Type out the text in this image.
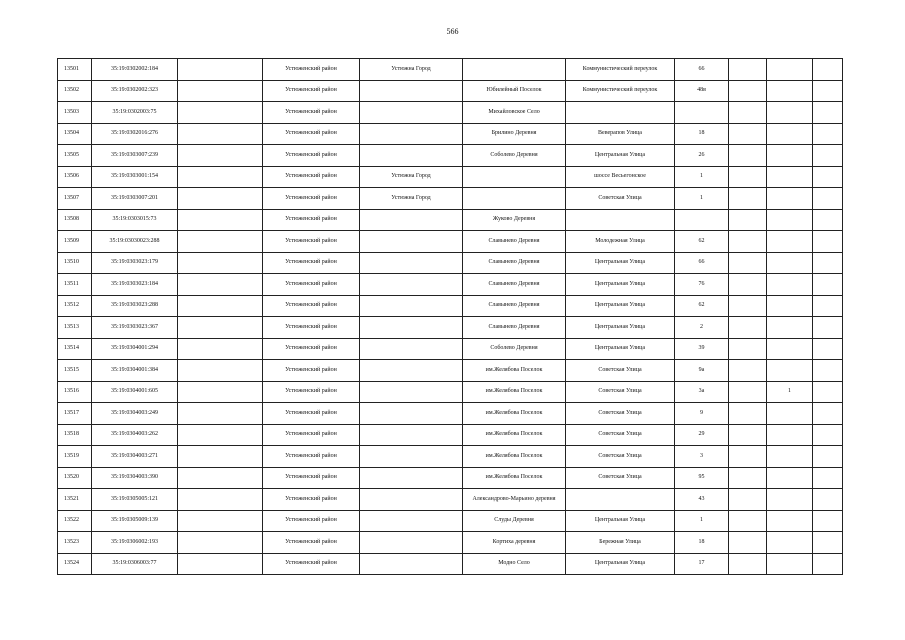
566
13501	35:19:0302002:184		Устюженский район	Устюжна Город		Коммунистический переулок	66			
13502	35:19:0302002:323		Устюженский район		Юбилейный Поселок	Коммунистический переулок	48в			
13503	35:19:0302003:75		Устюженский район		Михайловское Село					
13504	35:19:0302016:276		Устюженский район		Брилино Деревня	Веверапов Улица	18			
13505	35:19:0303007:239		Устюженский район		Соболево Деревня	Центральная Улица	26			
13506	35:19:0303001:154		Устюженский район	Устюжна Город		шоссе Весьегонское	1			
13507	35:19:0303007:201		Устюженский район	Устюжна Город		Советская Улица	1			
13508	35:19:0303015:73		Устюженский район		Жуково Деревня					
13509	35:19:03030023:288		Устюженский район		Славынево Деревня	Молодежная Улица	62			
13510	35:19:0303023:179		Устюженский район		Славынево Деревня	Центральная Улица	66			
13511	35:19:0303023:184		Устюженский район		Славынево Деревня	Центральная Улица	76			
13512	35:19:0303023:288		Устюженский район		Славынево Деревня	Центральная Улица	62			
13513	35:19:0303023:367		Устюженский район		Славынево Деревня	Центральная Улица	2			
13514	35:19:0304001:294		Устюженский район		Соболево Деревня	Центральная Улица	39			
13515	35:19:0304001:384		Устюженский район		им.Желябова Поселок	Советская Улица	9а			
13516	35:19:0304001:605		Устюженский район		им.Желябова Поселок	Советская Улица	3а		1	
13517	35:19:0304003:249		Устюженский район		им.Желябова Поселок	Советская Улица	9			
13518	35:19:0304003:262		Устюженский район		им.Желябова Поселок	Советская Улица	29			
13519	35:19:0304003:271		Устюженский район		им.Желябова Поселок	Советская Улица	3			
13520	35:19:0304003:390		Устюженский район		им.Желябова Поселок	Советская Улица	95			
13521	35:19:0305005:121		Устюженский район		Александрово-Марьино деревня		43			
13522	35:19:0305009:139		Устюженский район		Слуды Деревня	Центральная Улица	1			
13523	35:19:0306002:193		Устюженский район		Кортиха деревня	Бережная Улица	18			
13524	35:19:0306003:77		Устюженский район		Модно Село	Центральная Улица	17			
